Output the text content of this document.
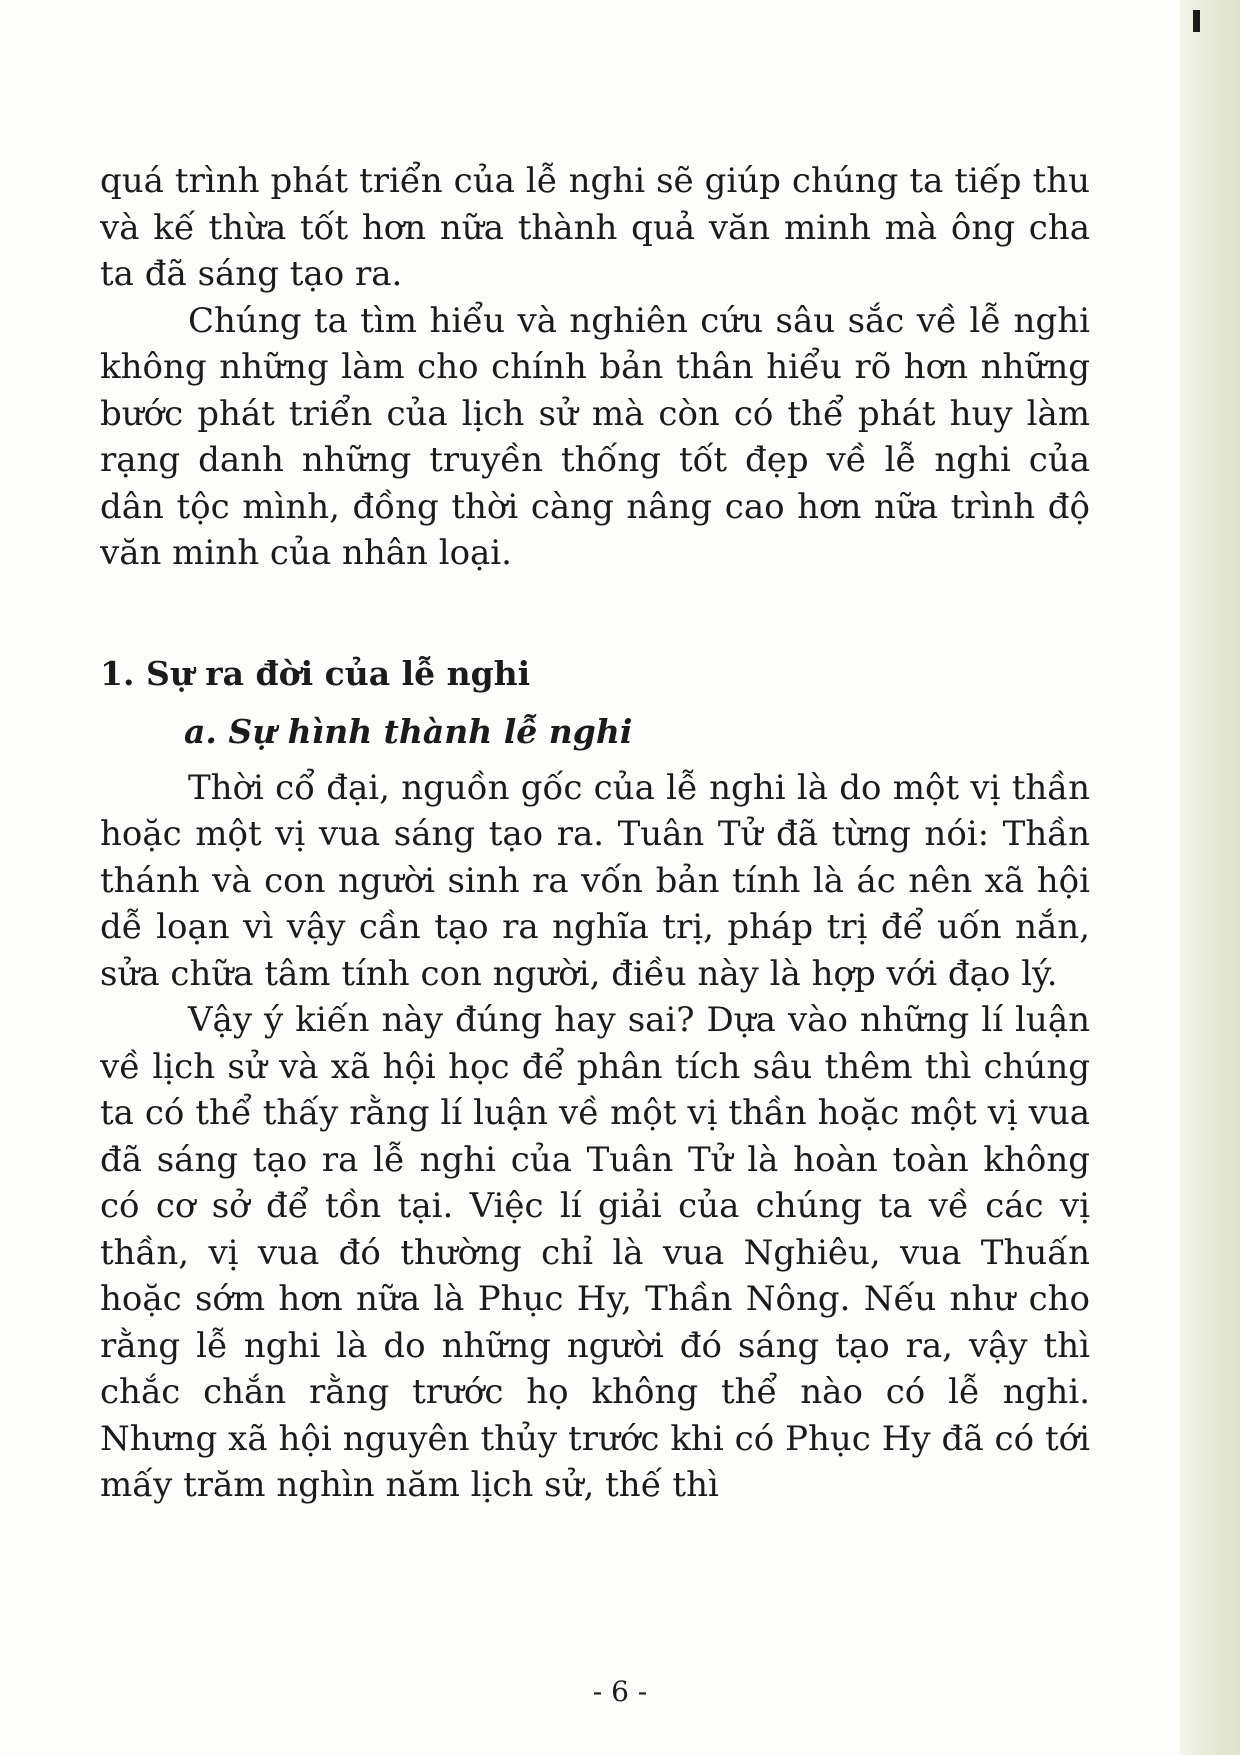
quá trình phát triển của lễ nghi sẽ giúp chúng ta tiếp thu và kế thừa tốt hơn nữa thành quả văn minh mà ông cha ta đã sáng tạo ra.

Chúng ta tìm hiểu và nghiên cứu sâu sắc về lễ nghi không những làm cho chính bản thân hiểu rõ hơn những bước phát triển của lịch sử mà còn có thể phát huy làm rạng danh những truyền thống tốt đẹp về lễ nghi của dân tộc mình, đồng thời càng nâng cao hơn nữa trình độ văn minh của nhân loại.

1. Sự ra đời của lễ nghi
a. Sự hình thành lễ nghi

Thời cổ đại, nguồn gốc của lễ nghi là do một vị thần hoặc một vị vua sáng tạo ra. Tuân Tử đã từng nói: Thần thánh và con người sinh ra vốn bản tính là ác nên xã hội dễ loạn vì vậy cần tạo ra nghĩa trị, pháp trị để uốn nắn, sửa chữa tâm tính con người, điều này là hợp với đạo lý.

Vậy ý kiến này đúng hay sai? Dựa vào những lí luận về lịch sử và xã hội học để phân tích sâu thêm thì chúng ta có thể thấy rằng lí luận về một vị thần hoặc một vị vua đã sáng tạo ra lễ nghi của Tuân Tử là hoàn toàn không có cơ sở để tồn tại. Việc lí giải của chúng ta về các vị thần, vị vua đó thường chỉ là vua Nghiêu, vua Thuấn hoặc sớm hơn nữa là Phục Hy, Thần Nông. Nếu như cho rằng lễ nghi là do những người đó sáng tạo ra, vậy thì chắc chắn rằng trước họ không thể nào có lễ nghi. Nhưng xã hội nguyên thủy trước khi có Phục Hy đã có tới mấy trăm nghìn năm lịch sử, thế thì

- 6 -
